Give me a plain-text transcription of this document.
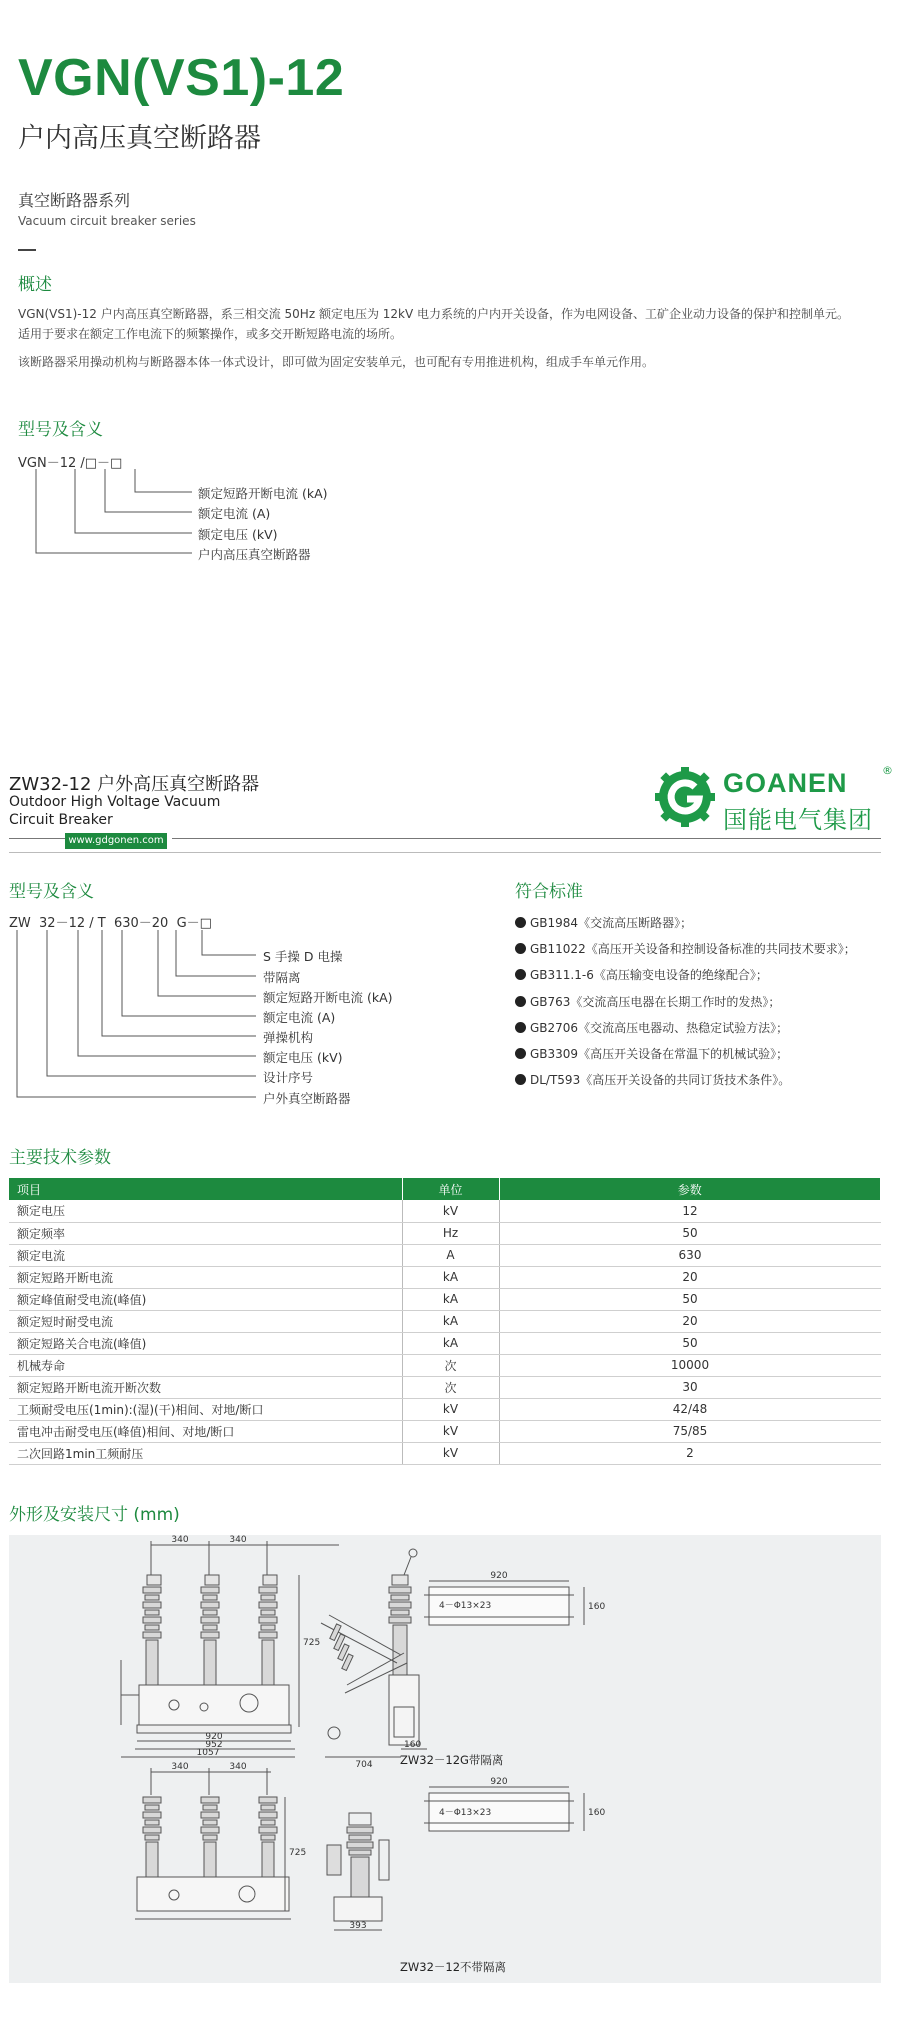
VGN(VS1)-12
户内高压真空断路器
真空断路器系列
Vacuum circuit breaker series
概述
VGN(VS1)-12 户内高压真空断路器，系三相交流 50Hz 额定电压为 12kV 电力系统的户内开关设备，作为电网设备、工矿企业动力设备的保护和控制单元。
适用于要求在额定工作电流下的频繁操作，或多交开断短路电流的场所。
该断路器采用操动机构与断路器本体一体式设计，即可做为固定安装单元，也可配有专用推进机构，组成手车单元作用。
型号及含义
VGN－12 /□－□
额定短路开断电流 (kA)
额定电流 (A)
额定电压 (kV)
户内高压真空断路器
ZW32-12 户外高压真空断路器
Outdoor High Voltage Vacuum
Circuit Breaker
GOANEN	®
国能电气集团
www.gdgonen.com
型号及含义
ZW  32－12 / T  630－20  G－□
S 手操 D 电操
带隔离
额定短路开断电流 (kA)
额定电流 (A)
弹操机构
额定电压 (kV)
设计序号
户外真空断路器
符合标准
GB1984《交流高压断路器》；
GB11022《高压开关设备和控制设备标准的共同技术要求》；
GB311.1-6《高压输变电设备的绝缘配合》；
GB763《交流高压电器在长期工作时的发热》；
GB2706《交流高压电器动、热稳定试验方法》；
GB3309《高压开关设备在常温下的机械试验》；
DL/T593《高压开关设备的共同订货技术条件》。
主要技术参数
项目	单位	参数
额定电压	kV	12
额定频率	Hz	50
额定电流	A	630
额定短路开断电流	kA	20
额定峰值耐受电流(峰值)	kA	50
额定短时耐受电流	kA	20
额定短路关合电流(峰值)	kA	50
机械寿命	次	10000
额定短路开断电流开断次数	次	30
工频耐受电压(1min):(湿)(干)相间、对地/断口	kV	42/48
雷电冲击耐受电压(峰值)相间、对地/断口	kV	75/85
二次回路1min工频耐压	kV	2
外形及安装尺寸 (mm)
340	340
725
920
952
1057
704
160
920
4－Φ13×23	160
340	340
725
393
920
4－Φ13×23	160
ZW32－12G带隔离
ZW32－12不带隔离
